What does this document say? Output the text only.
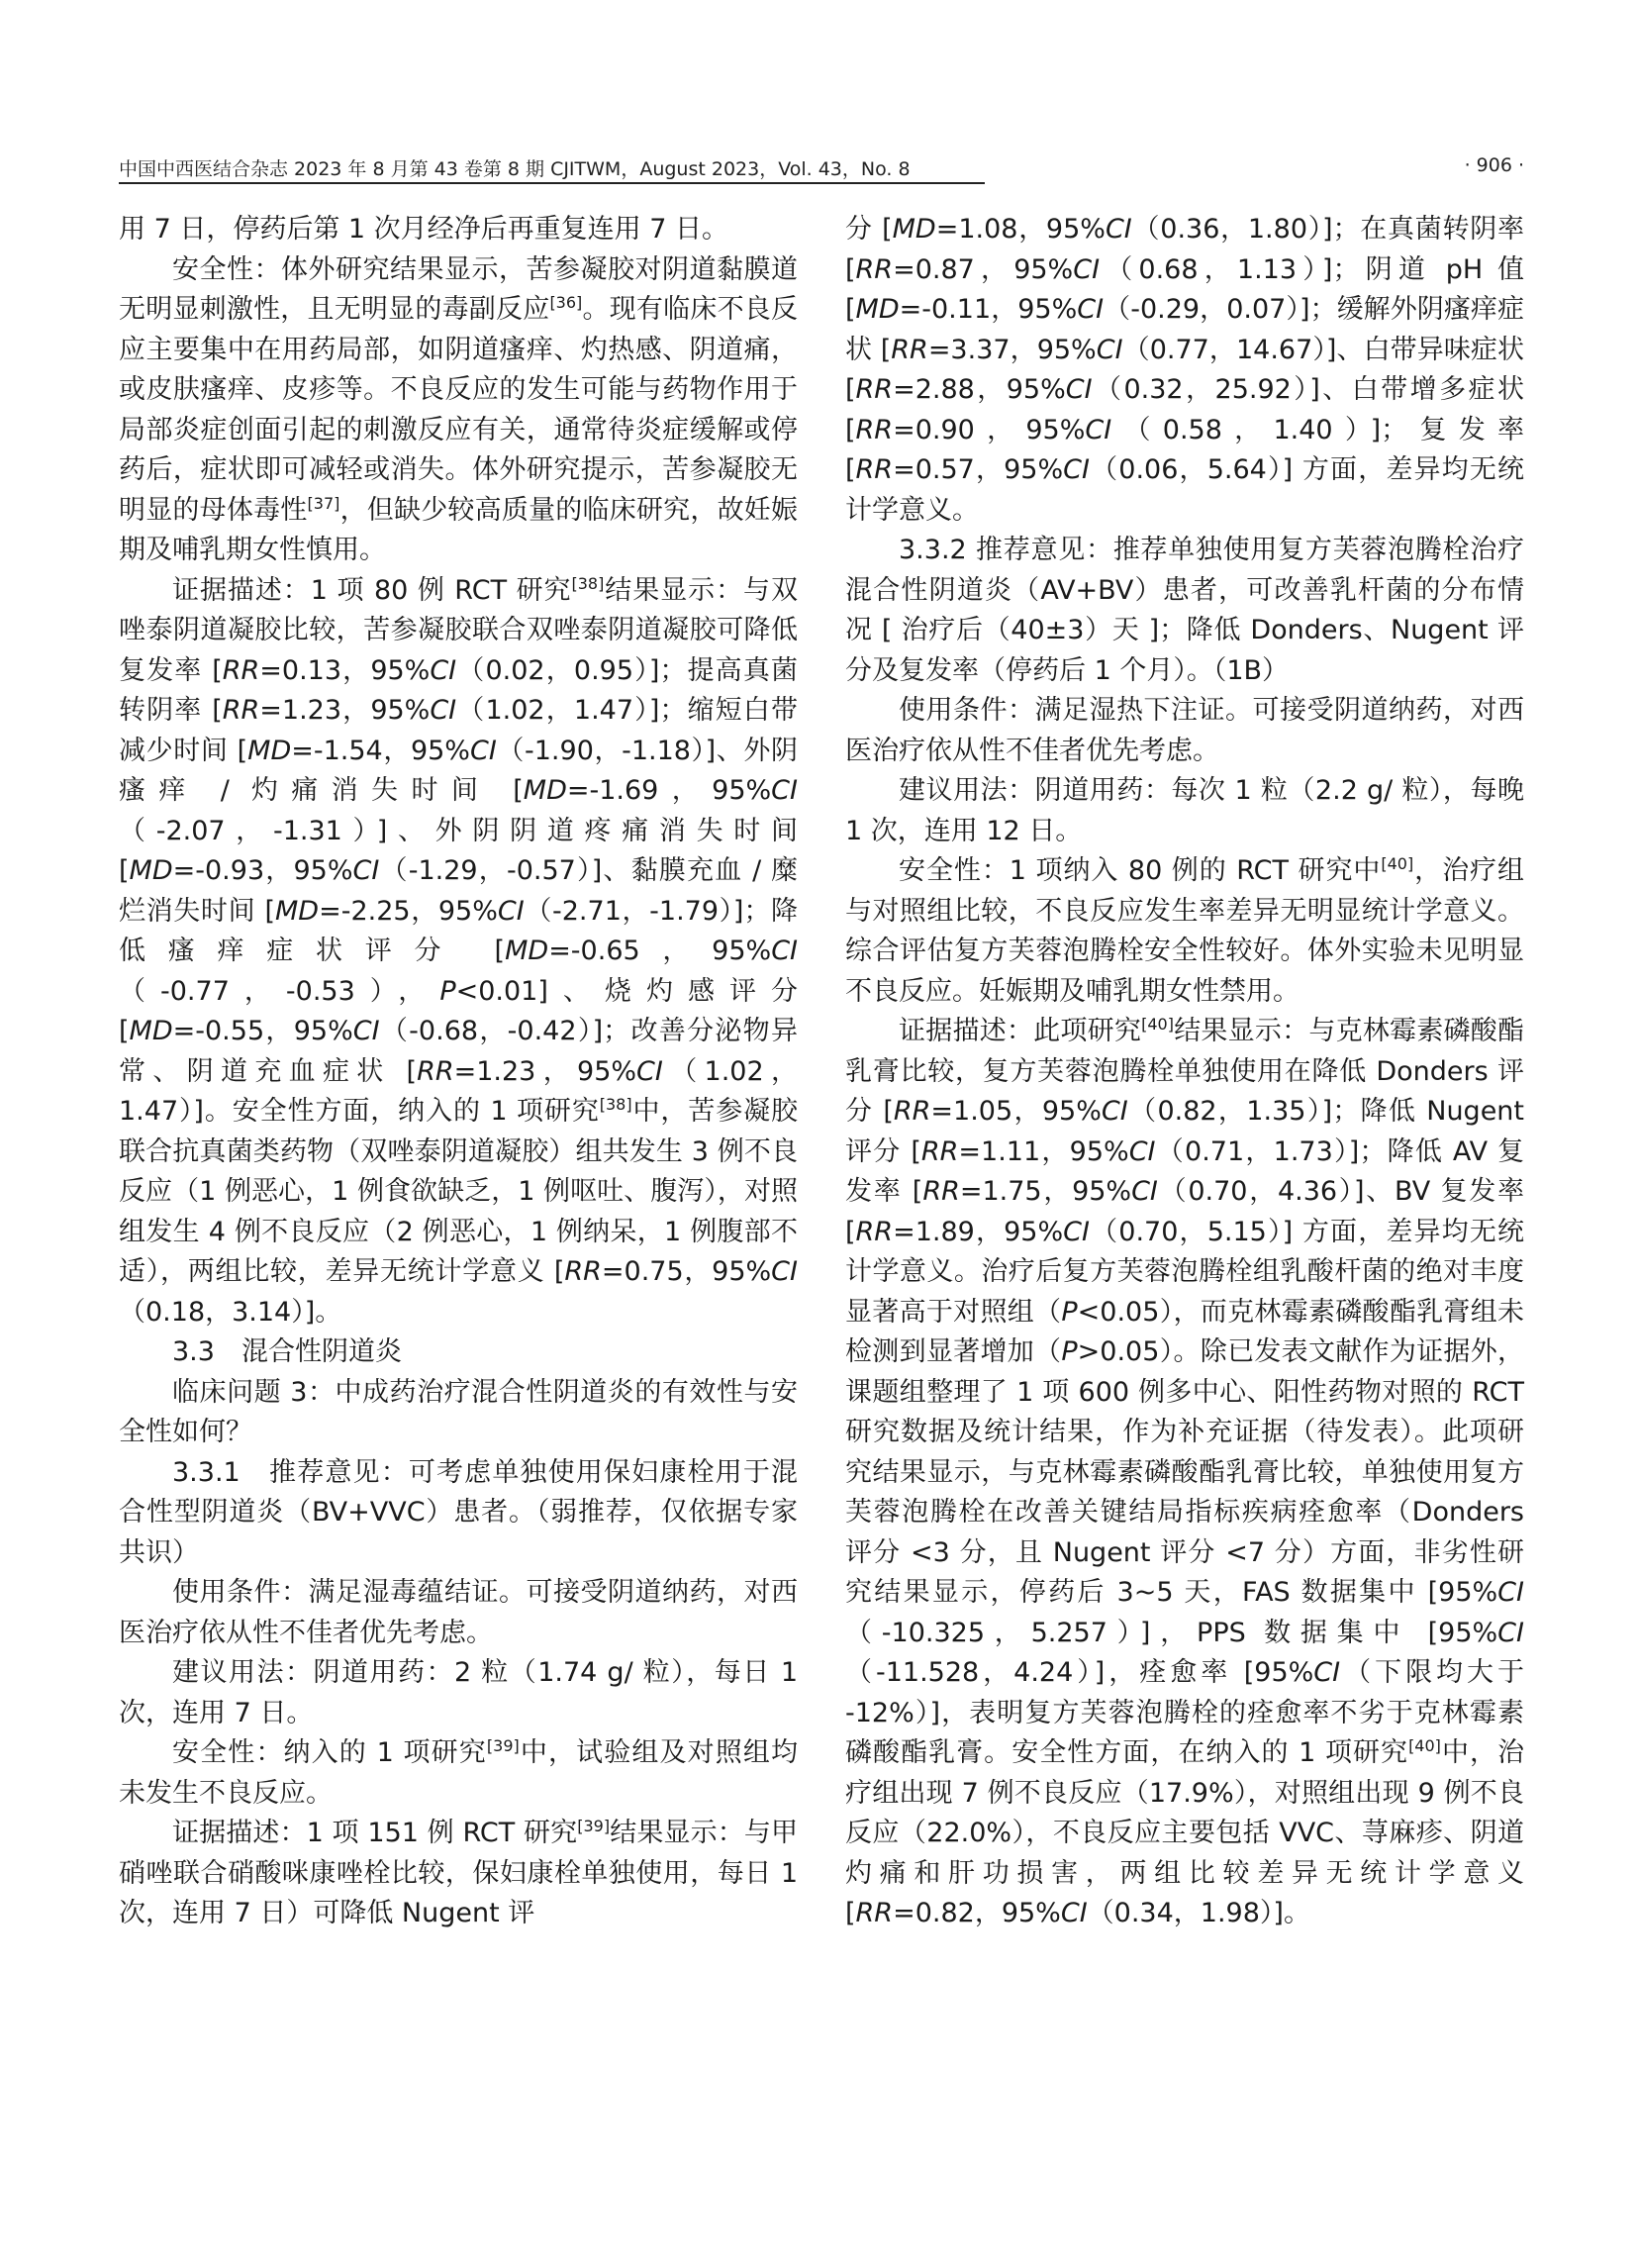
中国中西医结合杂志 2023 年 8 月第 43 卷第 8 期 CJITWM，August 2023，Vol. 43，No. 8	· 906 ·

用 7 日，停药后第 1 次月经净后再重复连用 7 日。

安全性：体外研究结果显示，苦参凝胶对阴道黏膜道无明显刺激性，且无明显的毒副反应[36]。现有临床不良反应主要集中在用药局部，如阴道瘙痒、灼热感、阴道痛，或皮肤瘙痒、皮疹等。不良反应的发生可能与药物作用于局部炎症创面引起的刺激反应有关，通常待炎症缓解或停药后，症状即可减轻或消失。体外研究提示，苦参凝胶无明显的母体毒性[37]，但缺少较高质量的临床研究，故妊娠期及哺乳期女性慎用。

证据描述：1 项 80 例 RCT 研究[38]结果显示：与双唑泰阴道凝胶比较，苦参凝胶联合双唑泰阴道凝胶可降低复发率 [RR=0.13，95%CI（0.02，0.95）]；提高真菌转阴率 [RR=1.23，95%CI（1.02，1.47）]；缩短白带减少时间 [MD=-1.54，95%CI（-1.90，-1.18）]、外阴瘙痒 / 灼痛消失时间 [MD=-1.69，95%CI（-2.07，-1.31）]、外阴阴道疼痛消失时间 [MD=-0.93，95%CI（-1.29，-0.57）]、黏膜充血 / 糜烂消失时间 [MD=-2.25，95%CI（-2.71，-1.79）]；降低瘙痒症状评分 [MD=-0.65，95%CI（-0.77，-0.53），P<0.01]、烧灼感评分 [MD=-0.55，95%CI（-0.68，-0.42）]；改善分泌物异常、阴道充血症状 [RR=1.23，95%CI（1.02，1.47）]。安全性方面，纳入的 1 项研究[38]中，苦参凝胶联合抗真菌类药物（双唑泰阴道凝胶）组共发生 3 例不良反应（1 例恶心，1 例食欲缺乏，1 例呕吐、腹泻），对照组发生 4 例不良反应（2 例恶心，1 例纳呆，1 例腹部不适），两组比较，差异无统计学意义 [RR=0.75，95%CI（0.18，3.14）]。

3.3　混合性阴道炎

临床问题 3：中成药治疗混合性阴道炎的有效性与安全性如何？

3.3.1　推荐意见：可考虑单独使用保妇康栓用于混合性型阴道炎（BV+VVC）患者。（弱推荐，仅依据专家共识）

使用条件：满足湿毒蕴结证。可接受阴道纳药，对西医治疗依从性不佳者优先考虑。

建议用法：阴道用药：2 粒（1.74 g/ 粒），每日 1 次，连用 7 日。

安全性：纳入的 1 项研究[39]中，试验组及对照组均未发生不良反应。

证据描述：1 项 151 例 RCT 研究[39]结果显示：与甲硝唑联合硝酸咪康唑栓比较，保妇康栓单独使用，每日 1 次，连用 7 日）可降低 Nugent 评

分 [MD=1.08，95%CI（0.36，1.80）]；在真菌转阴率 [RR=0.87，95%CI（0.68，1.13）]；阴道 pH 值 [MD=-0.11，95%CI（-0.29，0.07）]；缓解外阴瘙痒症状 [RR=3.37，95%CI（0.77，14.67）]、白带异味症状 [RR=2.88，95%CI（0.32，25.92）]、白带增多症状 [RR=0.90，95%CI（0.58，1.40）]；复发率 [RR=0.57，95%CI（0.06，5.64）] 方面，差异均无统计学意义。

3.3.2 推荐意见：推荐单独使用复方芙蓉泡腾栓治疗混合性阴道炎（AV+BV）患者，可改善乳杆菌的分布情况 [ 治疗后（40±3）天 ]；降低 Donders、Nugent 评分及复发率（停药后 1 个月）。（1B）

使用条件：满足湿热下注证。可接受阴道纳药，对西医治疗依从性不佳者优先考虑。

建议用法：阴道用药：每次 1 粒（2.2 g/ 粒），每晚 1 次，连用 12 日。

安全性：1 项纳入 80 例的 RCT 研究中[40]，治疗组与对照组比较，不良反应发生率差异无明显统计学意义。综合评估复方芙蓉泡腾栓安全性较好。体外实验未见明显不良反应。妊娠期及哺乳期女性禁用。

证据描述：此项研究[40]结果显示：与克林霉素磷酸酯乳膏比较，复方芙蓉泡腾栓单独使用在降低 Donders 评分 [RR=1.05，95%CI（0.82，1.35）]；降低 Nugent 评分 [RR=1.11，95%CI（0.71，1.73）]；降低 AV 复发率 [RR=1.75，95%CI（0.70，4.36）]、BV 复发率 [RR=1.89，95%CI（0.70，5.15）] 方面，差异均无统计学意义。治疗后复方芙蓉泡腾栓组乳酸杆菌的绝对丰度显著高于对照组（P<0.05），而克林霉素磷酸酯乳膏组未检测到显著增加（P>0.05）。除已发表文献作为证据外，课题组整理了 1 项 600 例多中心、阳性药物对照的 RCT 研究数据及统计结果，作为补充证据（待发表）。此项研究结果显示，与克林霉素磷酸酯乳膏比较，单独使用复方芙蓉泡腾栓在改善关键结局指标疾病痊愈率（Donders 评分 <3 分，且 Nugent 评分 <7 分）方面，非劣性研究结果显示，停药后 3~5 天，FAS 数据集中 [95%CI（-10.325，5.257）]，PPS 数据集中 [95%CI（-11.528，4.24）]，痊愈率 [95%CI（下限均大于 -12%）]，表明复方芙蓉泡腾栓的痊愈率不劣于克林霉素磷酸酯乳膏。安全性方面，在纳入的 1 项研究[40]中，治疗组出现 7 例不良反应（17.9%），对照组出现 9 例不良反应（22.0%），不良反应主要包括 VVC、荨麻疹、阴道灼痛和肝功损害，两组比较差异无统计学意义 [RR=0.82，95%CI（0.34，1.98）]。
